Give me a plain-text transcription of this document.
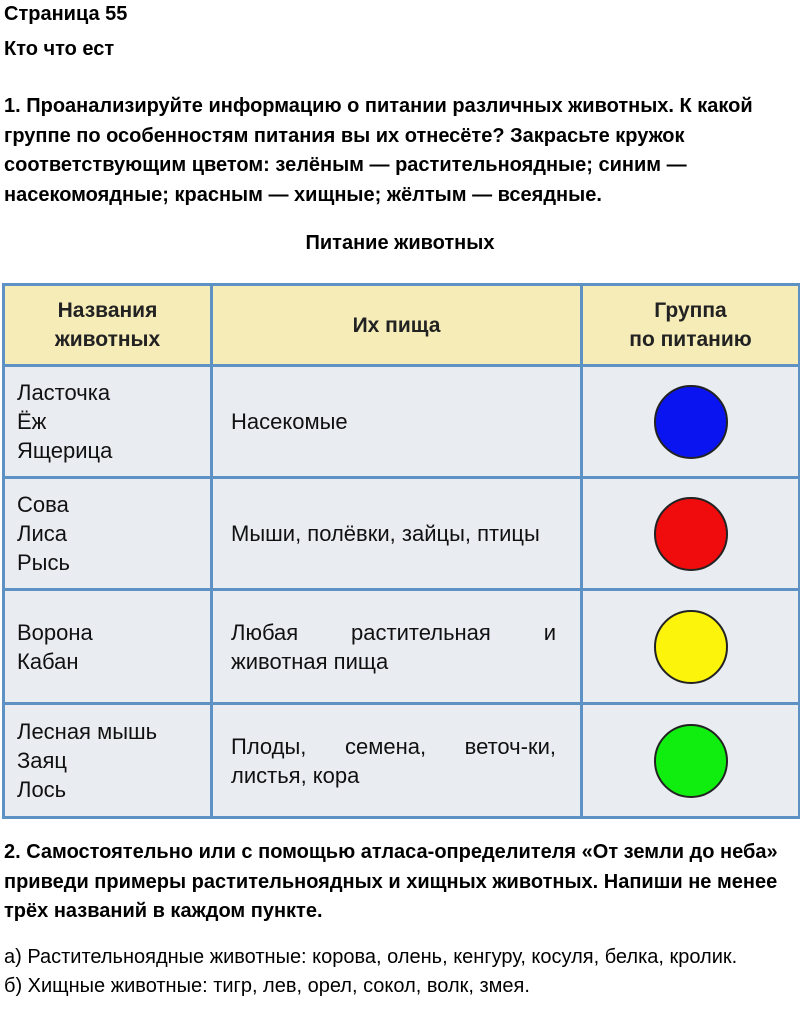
Страница 55
Кто что ест

1. Проанализируйте информацию о питании различных животных. К какой группе по особенностям питания вы их отнесёте? Закрасьте кружок соответствующим цветом: зелёным — растительноядные; синим — насекомоядные; красным — хищные; жёлтым — всеядные.

Питание животных
Названия
животных	Их пища	Группа
по питанию

Ласточка
Ёж
Ящерица	Насекомые	

Сова
Лиса
Рысь	Мыши, полёвки, зайцы, птицы	

Ворона
Кабан	Любая растительная и животная пища	

Лесная мышь
Заяц
Лось	Плоды, семена, веточ-ки, листья, кора	

2. Самостоятельно или с помощью атласа-определителя «От земли до неба» приведи примеры растительноядных и хищных животных. Напиши не менее трёх названий в каждом пункте.

а) Растительноядные животные: корова, олень, кенгуру, косуля, белка, кролик.

б) Хищные животные: тигр, лев, орел, сокол, волк, змея.
